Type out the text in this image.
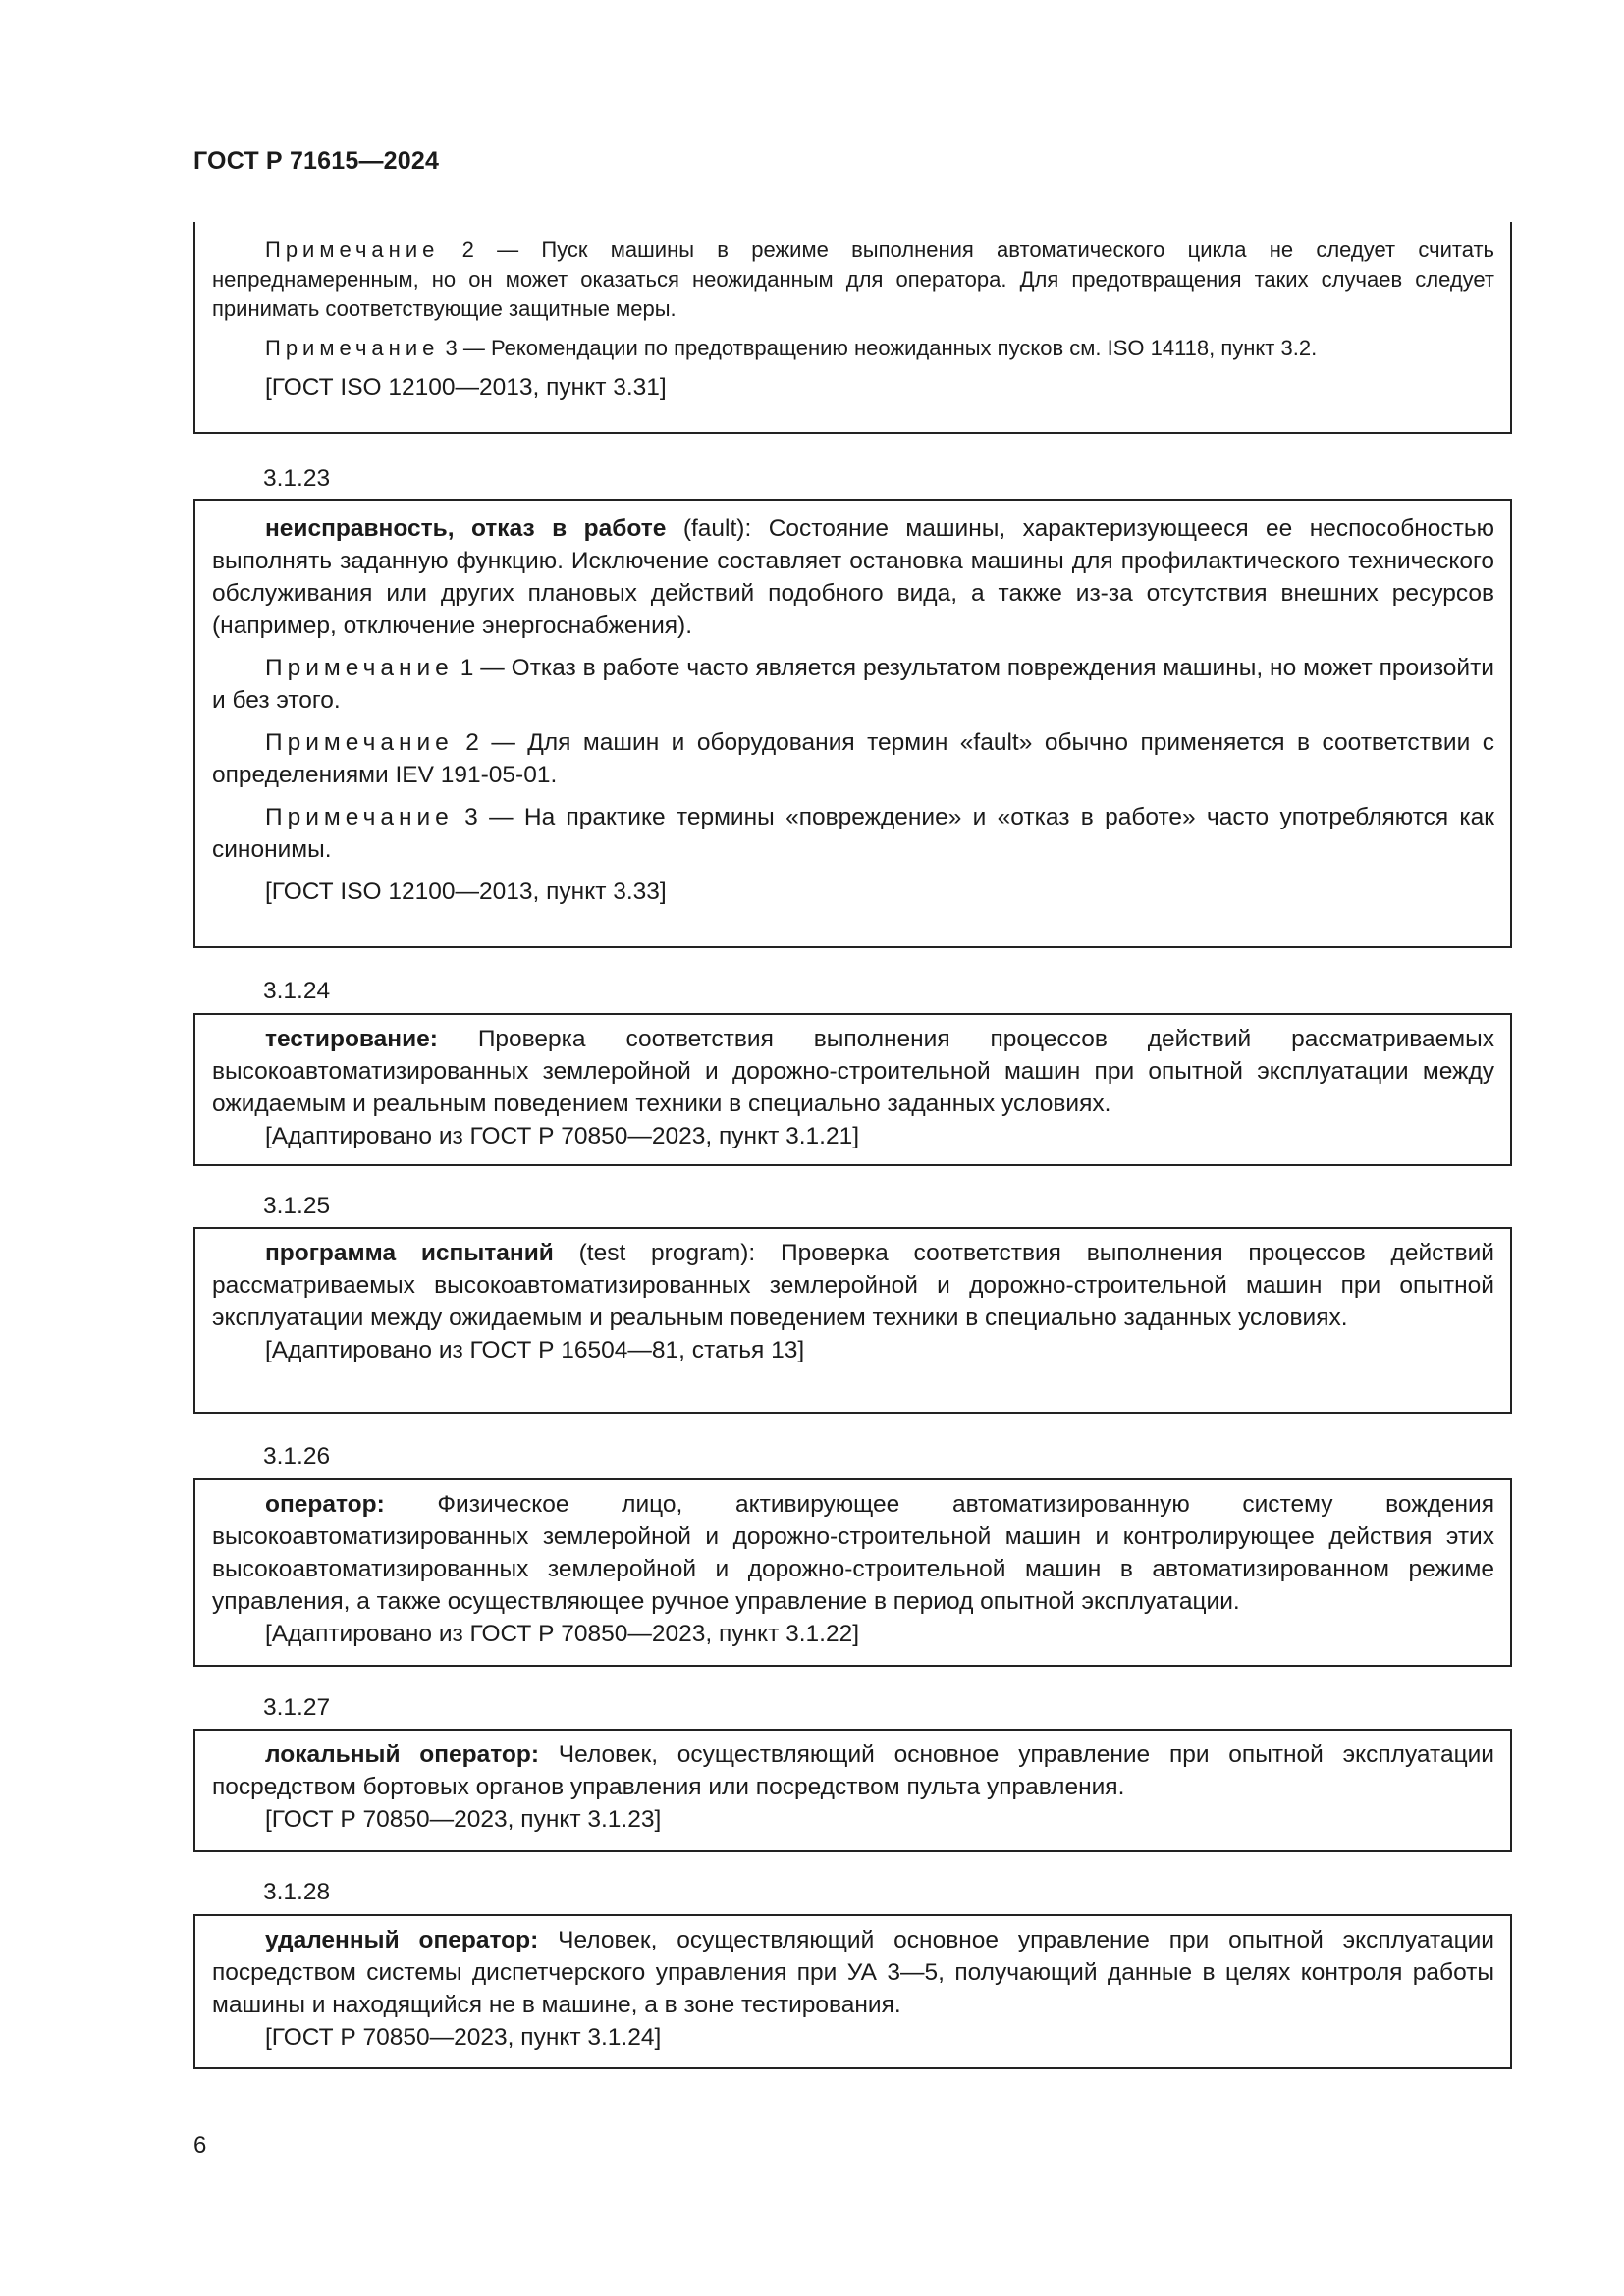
ГОСТ Р 71615—2024

Примечание 2 — Пуск машины в режиме выполнения автоматического цикла не следует считать непреднамеренным, но он может оказаться неожиданным для оператора. Для предотвращения таких случаев следует принимать соответствующие защитные меры.

Примечание 3 — Рекомендации по предотвращению неожиданных пусков см. ISO 14118, пункт 3.2.

[ГОСТ ISO 12100—2013, пункт 3.31]

3.1.23

неисправность, отказ в работе (fault): Состояние машины, характеризующееся ее неспособностью выполнять заданную функцию. Исключение составляет остановка машины для профилактического технического обслуживания или других плановых действий подобного вида, а также из-за отсутствия внешних ресурсов (например, отключение энергоснабжения).

Примечание 1 — Отказ в работе часто является результатом повреждения машины, но может произойти и без этого.

Примечание 2 — Для машин и оборудования термин «fault» обычно применяется в соответствии с определениями IEV 191-05-01.

Примечание 3 — На практике термины «повреждение» и «отказ в работе» часто употребляются как синонимы.

[ГОСТ ISO 12100—2013, пункт 3.33]

3.1.24

тестирование: Проверка соответствия выполнения процессов действий рассматриваемых высокоавтоматизированных землеройной и дорожно-строительной машин при опытной эксплуатации между ожидаемым и реальным поведением техники в специально заданных условиях.

[Адаптировано из ГОСТ Р 70850—2023, пункт 3.1.21]

3.1.25

программа испытаний (test program): Проверка соответствия выполнения процессов действий рассматриваемых высокоавтоматизированных землеройной и дорожно-строительной машин при опытной эксплуатации между ожидаемым и реальным поведением техники в специально заданных условиях.

[Адаптировано из ГОСТ Р 16504—81, статья 13]

3.1.26

оператор: Физическое лицо, активирующее автоматизированную систему вождения высокоавтоматизированных землеройной и дорожно-строительной машин и контролирующее действия этих высокоавтоматизированных землеройной и дорожно-строительной машин в автоматизированном режиме управления, а также осуществляющее ручное управление в период опытной эксплуатации.

[Адаптировано из ГОСТ Р 70850—2023, пункт 3.1.22]

3.1.27

локальный оператор: Человек, осуществляющий основное управление при опытной эксплуатации посредством бортовых органов управления или посредством пульта управления.

[ГОСТ Р 70850—2023, пункт 3.1.23]

3.1.28

удаленный оператор: Человек, осуществляющий основное управление при опытной эксплуатации посредством системы диспетчерского управления при УА 3—5, получающий данные в целях контроля работы машины и находящийся не в машине, а в зоне тестирования.

[ГОСТ Р 70850—2023, пункт 3.1.24]

6
